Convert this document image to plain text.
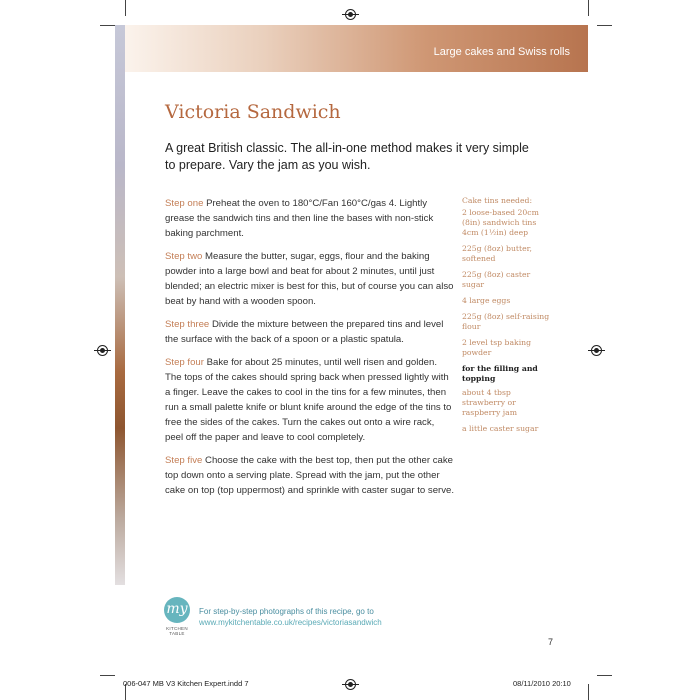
Large cakes and Swiss rolls
Victoria Sandwich

A great British classic. The all-in-one method makes it very simple to prepare. Vary the jam as you wish.

Step one Preheat the oven to 180°C/Fan 160°C/gas 4. Lightly grease the sandwich tins and then line the bases with non-stick baking parchment.

Step two Measure the butter, sugar, eggs, flour and the baking powder into a large bowl and beat for about 2 minutes, until just blended; an electric mixer is best for this, but of course you can also beat by hand with a wooden spoon.

Step three Divide the mixture between the prepared tins and level the surface with the back of a spoon or a plastic spatula.

Step four Bake for about 25 minutes, until well risen and golden. The tops of the cakes should spring back when pressed lightly with a finger. Leave the cakes to cool in the tins for a few minutes, then run a small palette knife or blunt knife around the edge of the tins to free the sides of the cakes. Turn the cakes out onto a wire rack, peel off the paper and leave to cool completely.

Step five Choose the cake with the best top, then put the other cake top down onto a serving plate. Spread with the jam, put the other cake on top (top uppermost) and sprinkle with caster sugar to serve.

Cake tins needed:

2 loose-based 20cm (8in) sandwich tins 4cm (1½in) deep

225g (8oz) butter, softened

225g (8oz) caster sugar

4 large eggs

225g (8oz) self-raising flour

2 level tsp baking powder

for the filling and topping

about 4 tbsp strawberry or raspberry jam

a little caster sugar

my
KITCHEN
TABLE
For step-by-step photographs of this recipe, go to
www.mykitchentable.co.uk/recipes/victoriasandwich
7
006-047 MB V3 Kitchen Expert.indd 7	08/11/2010 20:10
